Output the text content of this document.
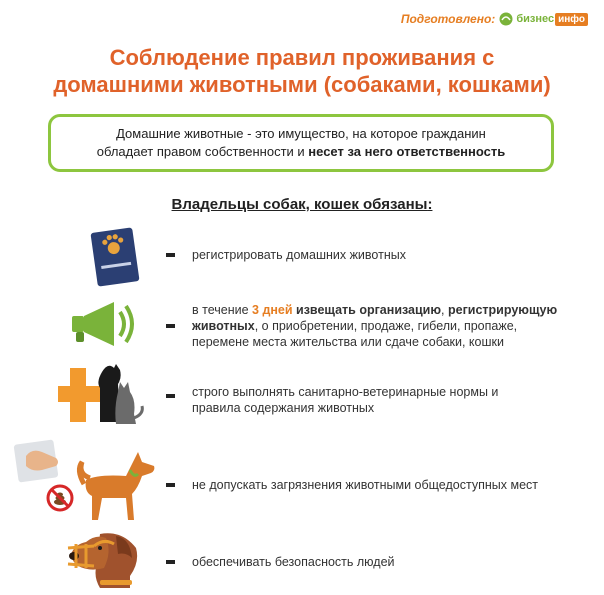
Подготовлено: бизнес инфо
Соблюдение правил проживания с
домашними животными (собаками, кошками)
Домашние животные - это имущество, на которое гражданин
обладает правом собственности и несет за него ответственность
Владельцы собак, кошек обязаны:
регистрировать домашних животных
в течение 3 дней извещать организацию, регистрирующую животных, о приобретении, продаже, гибели, пропаже, перемене места жительства или сдаче собаки, кошки
строго выполнять санитарно-ветеринарные нормы и правила содержания животных
не допускать загрязнения животными общедоступных мест
обеспечивать безопасность людей
